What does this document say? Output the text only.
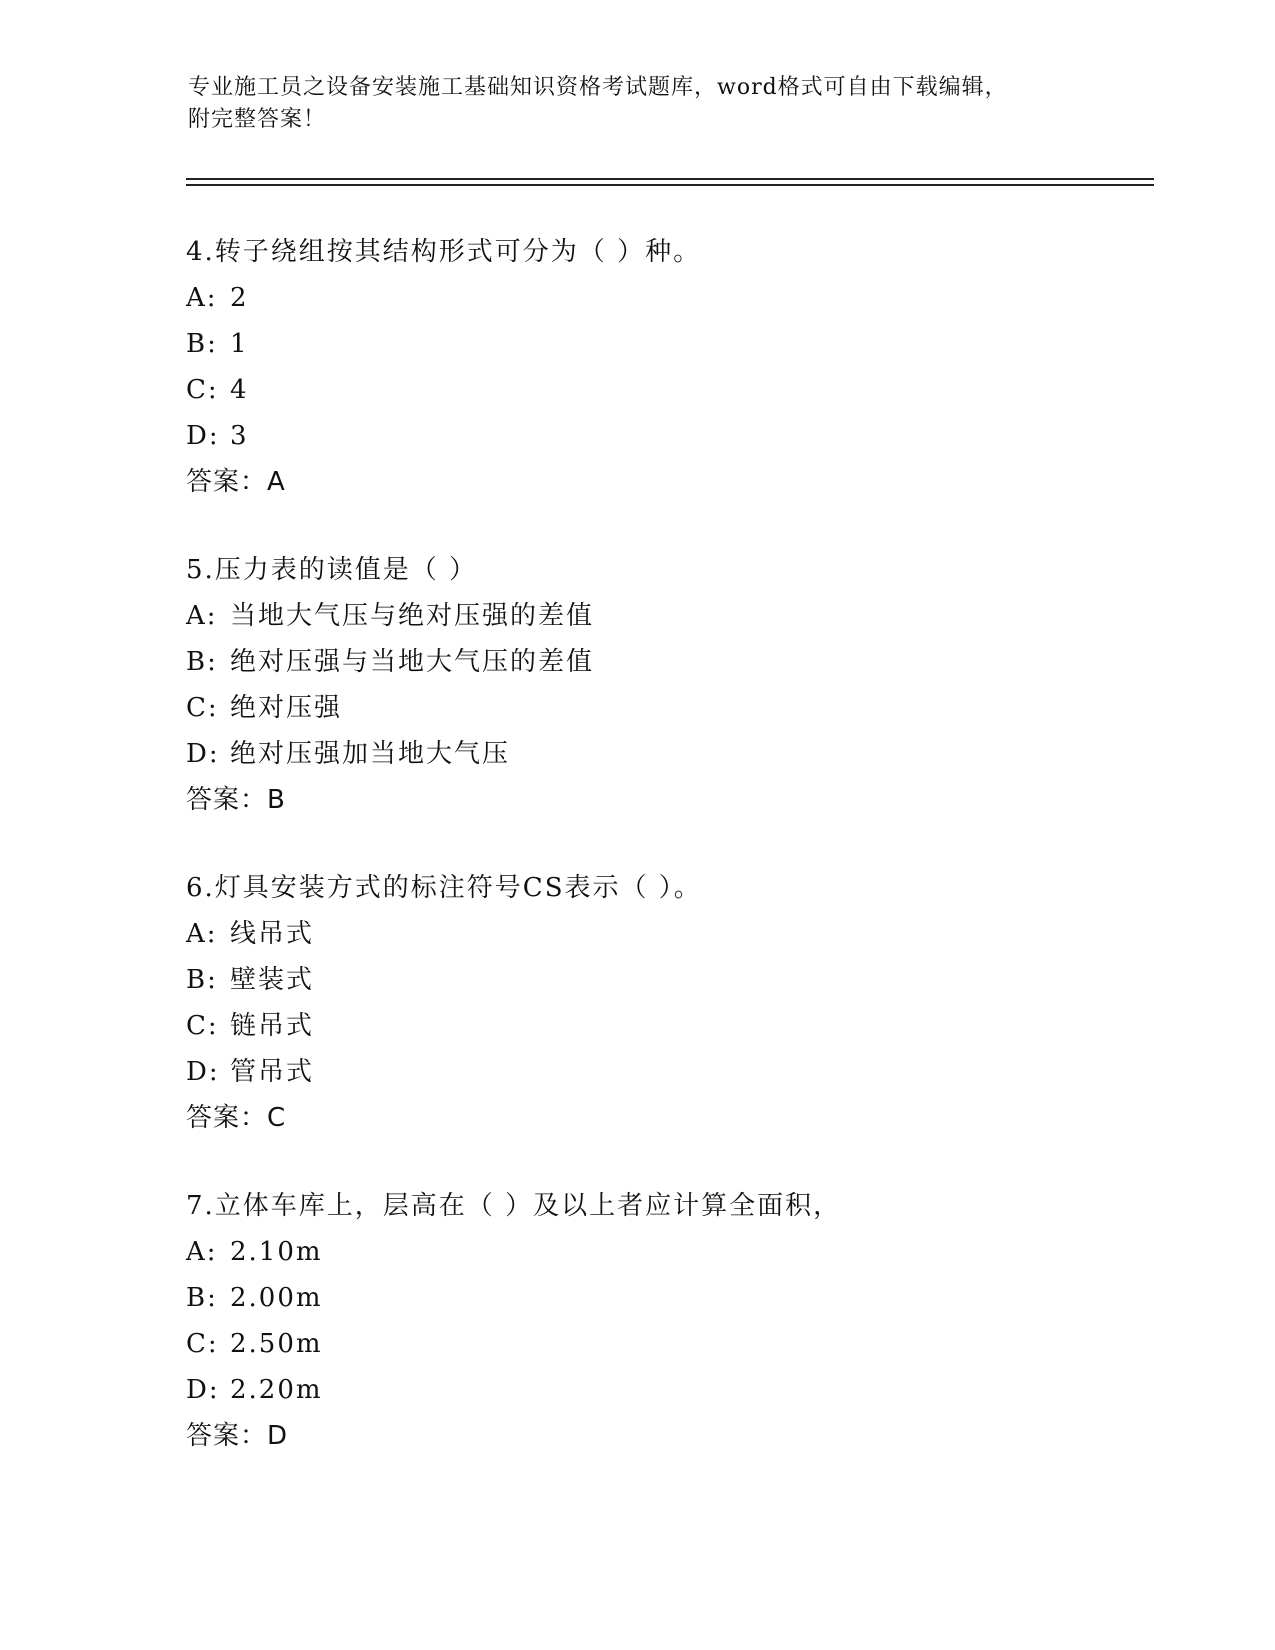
专业施工员之设备安装施工基础知识资格考试题库，word格式可自由下载编辑，
附完整答案！
4.转子绕组按其结构形式可分为（ ）种。
A: 2
B: 1
C: 4
D: 3
答案：A
5.压力表的读值是（ ）
A: 当地大气压与绝对压强的差值
B: 绝对压强与当地大气压的差值
C: 绝对压强
D: 绝对压强加当地大气压
答案：B
6.灯具安装方式的标注符号CS表示（ ）。
A: 线吊式
B: 壁装式
C: 链吊式
D: 管吊式
答案：C
7.立体车库上，层高在（ ）及以上者应计算全面积，
A: 2.10m
B: 2.00m
C: 2.50m
D: 2.20m
答案：D
